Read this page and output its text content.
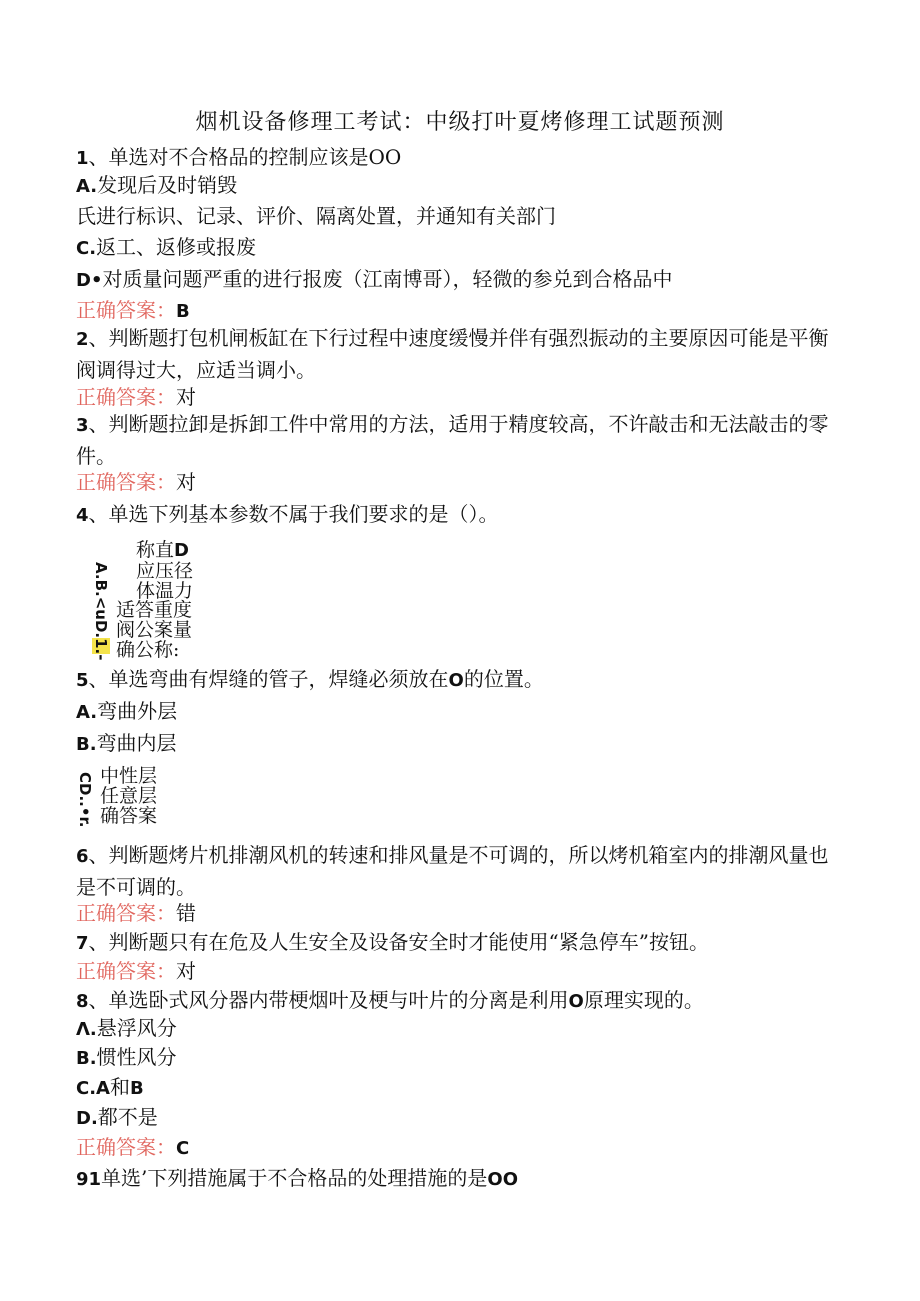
烟机设备修理工考试：中级打叶夏烤修理工试题预测
1、单选对不合格品的控制应该是OO
A.发现后及时销毁
氏进行标识、记录、评价、隔离处置，并通知有关部门
C.返工、返修或报废
D•对质量问题严重的进行报废（江南博哥），轻微的参兑到合格品中
正确答案：B
2、判断题打包机闸板缸在下行过程中速度缓慢并伴有强烈振动的主要原因可能是平衡阀调得过大，应适当调小。
正确答案：对
3、判断题拉卸是拆卸工件中常用的方法，适用于精度较高，不许敲击和无法敲击的零件。
正确答案：对
4、单选下列基本参数不属于我们要求的是（）。
称直D
应压径
体温力
适答重度
阀公案量
确公称:
A.B.<uD.1.-
5、单选弯曲有焊缝的管子，焊缝必须放在O的位置。
A.弯曲外层
B.弯曲内层
中性层
任意层
确答案
CD..•r.
6、判断题烤片机排潮风机的转速和排风量是不可调的，所以烤机箱室内的排潮风量也是不可调的。
正确答案：错
7、判断题只有在危及人生安全及设备安全时才能使用“紧急停车”按钮。
正确答案：对
8、单选卧式风分器内带梗烟叶及梗与叶片的分离是利用O原理实现的。
Λ.悬浮风分
B.惯性风分
C.A和B
D.都不是
正确答案：C
91单选’下列措施属于不合格品的处理措施的是OO
